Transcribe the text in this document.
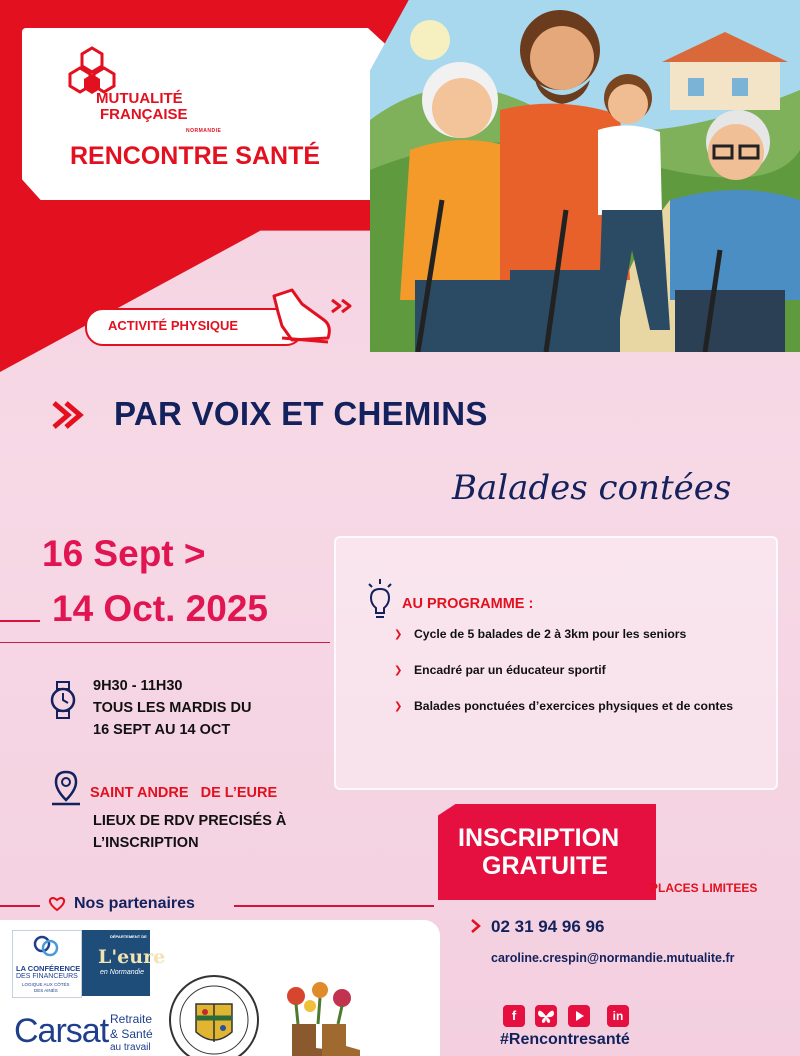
MUTUALITÉ
FRANÇAISE
NORMANDIE
RENCONTRE SANTÉ
ACTIVITÉ PHYSIQUE
PAR VOIX ET CHEMINS
Balades contées
16 Sept >
14 Oct. 2025
9H30 - 11H30
TOUS LES MARDIS DU
16 SEPT AU 14 OCT
SAINT ANDRE   DE L’EURE
LIEUX DE RDV PRECISÉS À
L’INSCRIPTION
AU PROGRAMME :
❯ Cycle de 5 balades de 2 à 3km pour les seniors
❯ Encadré par un éducateur sportif
❯ Balades ponctuées d’exercices physiques et de contes
INSCRIPTION
GRATUITE
PLACES LIMITEES
02 31 94 96 96
caroline.crespin@normandie.mutualite.fr
f	in
#Rencontresanté
Nos partenaires
LA CONFÉRENCE
DES FINANCEURS
LOGIQUE AUX CÔTÉS
DES AINÉS
DÉPARTEMENT DE
L'eure
en Normandie
Carsat Retraite
& Santé
au travail
